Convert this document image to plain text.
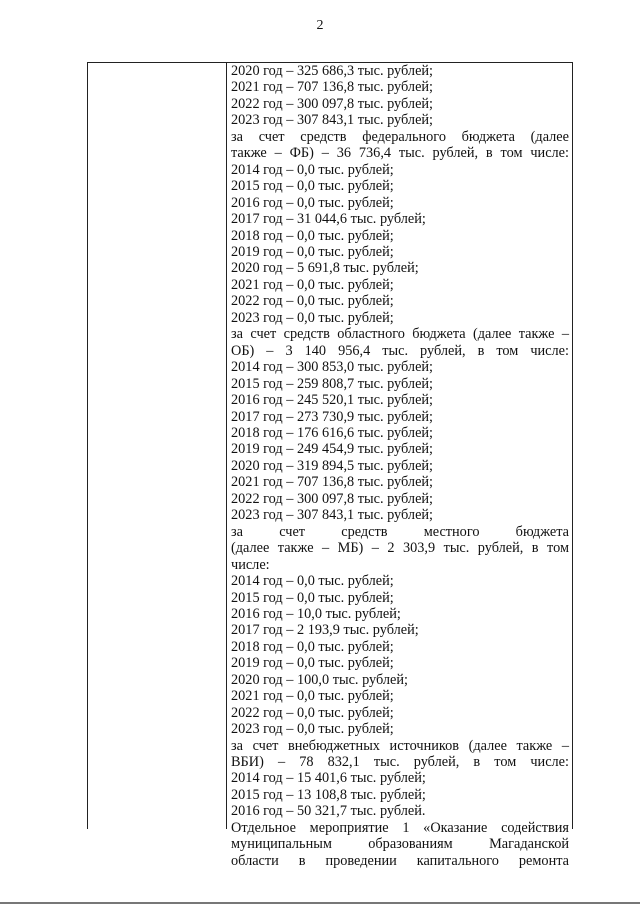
2
2020 год – 325 686,3 тыс. рублей;
2021 год – 707 136,8 тыс. рублей;
2022 год – 300 097,8 тыс. рублей;
2023 год – 307 843,1 тыс. рублей;
за счет средств федерального бюджета (далее
также – ФБ) – 36 736,4 тыс. рублей, в том числе:
2014 год – 0,0 тыс. рублей;
2015 год – 0,0 тыс. рублей;
2016 год – 0,0 тыс. рублей;
2017 год – 31 044,6 тыс. рублей;
2018 год – 0,0 тыс. рублей;
2019 год – 0,0 тыс. рублей;
2020 год – 5 691,8 тыс. рублей;
2021 год – 0,0 тыс. рублей;
2022 год – 0,0 тыс. рублей;
2023 год – 0,0 тыс. рублей;
за счет средств областного бюджета (далее также –
ОБ) – 3 140 956,4 тыс. рублей, в том числе:
2014 год – 300 853,0 тыс. рублей;
2015 год – 259 808,7 тыс. рублей;
2016 год – 245 520,1 тыс. рублей;
2017 год – 273 730,9 тыс. рублей;
2018 год – 176 616,6 тыс. рублей;
2019 год – 249 454,9 тыс. рублей;
2020 год – 319 894,5 тыс. рублей;
2021 год – 707 136,8 тыс. рублей;
2022 год – 300 097,8 тыс. рублей;
2023 год – 307 843,1 тыс. рублей;
за счет средств местного бюджета
(далее также – МБ) – 2 303,9 тыс. рублей, в том
числе:
2014 год – 0,0 тыс. рублей;
2015 год – 0,0 тыс. рублей;
2016 год – 10,0 тыс. рублей;
2017 год – 2 193,9 тыс. рублей;
2018 год – 0,0 тыс. рублей;
2019 год – 0,0 тыс. рублей;
2020 год – 100,0 тыс. рублей;
2021 год – 0,0 тыс. рублей;
2022 год – 0,0 тыс. рублей;
2023 год – 0,0 тыс. рублей;
за счет внебюджетных источников (далее также –
ВБИ) – 78 832,1 тыс. рублей, в том числе:
2014 год – 15 401,6 тыс. рублей;
2015 год – 13 108,8 тыс. рублей;
2016 год – 50 321,7 тыс. рублей.
Отдельное мероприятие 1 «Оказание содействия
муниципальным образованиям Магаданской
области в проведении капитального ремонта
